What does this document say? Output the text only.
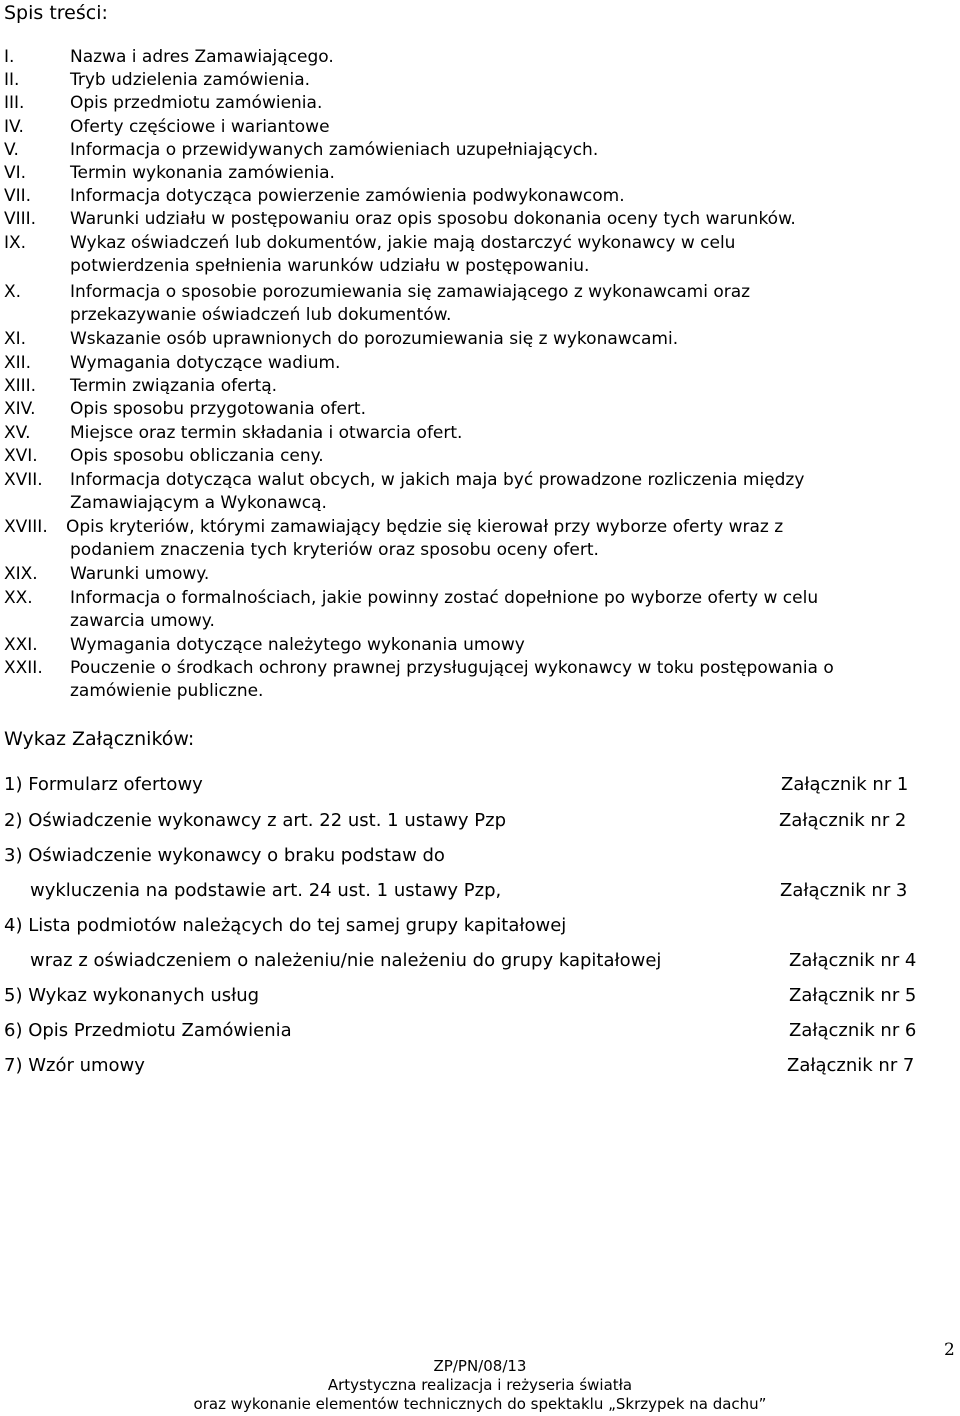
Spis treści:
I.	Nazwa i adres Zamawiającego.
II.	Tryb udzielenia zamówienia.
III.	Opis przedmiotu zamówienia.
IV.	Oferty częściowe i wariantowe
V.	Informacja o przewidywanych zamówieniach uzupełniających.
VI.	Termin wykonania zamówienia.
VII. Informacja dotycząca powierzenie zamówienia podwykonawcom.
VIII. Warunki udziału w postępowaniu oraz opis sposobu dokonania oceny tych warunków.
IX.	Wykaz oświadczeń lub dokumentów, jakie mają dostarczyć wykonawcy w celu
potwierdzenia spełnienia warunków udziału w postępowaniu.
X.	Informacja o sposobie porozumiewania się zamawiającego z wykonawcami oraz
przekazywanie oświadczeń lub dokumentów.
XI.	Wskazanie osób uprawnionych do porozumiewania się z wykonawcami.
XII. Wymagania dotyczące wadium.
XIII. Termin związania ofertą.
XIV. Opis sposobu przygotowania ofert.
XV. Miejsce oraz termin składania i otwarcia ofert.
XVI. Opis sposobu obliczania ceny.
XVII. Informacja dotycząca walut obcych, w jakich maja być prowadzone rozliczenia między
Zamawiającym a Wykonawcą.
XVIII. Opis kryteriów, którymi zamawiający będzie się kierował przy wyborze oferty wraz z
podaniem znaczenia tych kryteriów oraz sposobu oceny ofert.
XIX. Warunki umowy.
XX. Informacja o formalnościach, jakie powinny zostać dopełnione po wyborze oferty w celu
zawarcia umowy.
XXI. Wymagania dotyczące należytego wykonania umowy
XXII. Pouczenie o środkach ochrony prawnej przysługującej wykonawcy w toku postępowania o
zamówienie publiczne.
Wykaz Załączników:
1) Formularz ofertowy	Załącznik nr 1
2) Oświadczenie wykonawcy z art. 22 ust. 1 ustawy Pzp	Załącznik nr 2
3) Oświadczenie wykonawcy o braku podstaw do
wykluczenia na podstawie art. 24 ust. 1 ustawy Pzp,	Załącznik nr 3
4) Lista podmiotów należących do tej samej grupy kapitałowej
wraz z oświadczeniem o należeniu/nie należeniu do grupy kapitałowej	Załącznik nr 4
5) Wykaz wykonanych usług	Załącznik nr 5
6) Opis Przedmiotu Zamówienia	Załącznik nr 6
7) Wzór umowy	Załącznik nr 7
2
ZP/PN/08/13
Artystyczna realizacja i reżyseria światła
oraz wykonanie elementów technicznych do spektaklu „Skrzypek na dachu”
